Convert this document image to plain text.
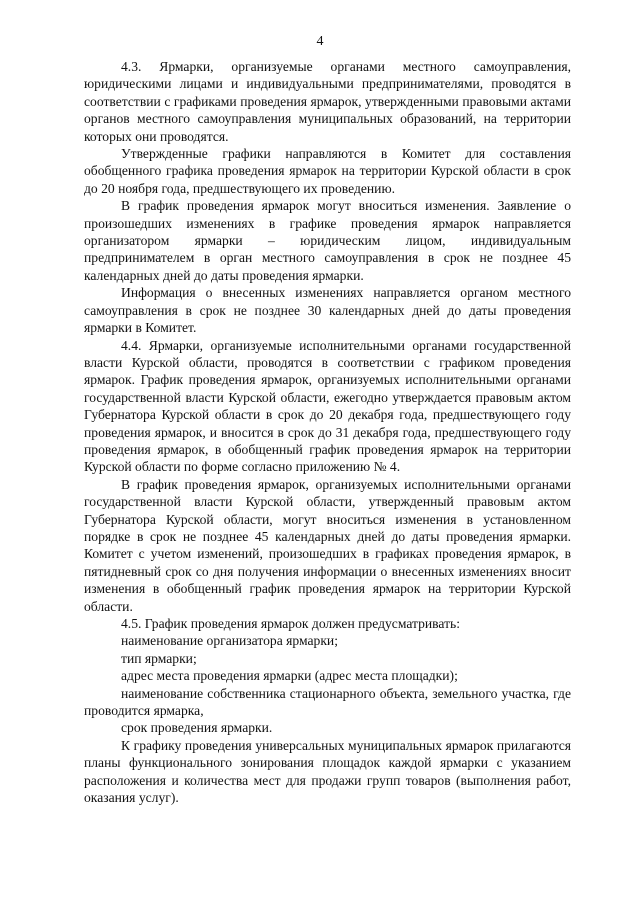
4

4.3. Ярмарки, организуемые органами местного самоуправления, юридическими лицами и индивидуальными предпринимателями, проводятся в соответствии с графиками проведения ярмарок, утвержденными правовыми актами органов местного самоуправления муниципальных образований, на территории которых они проводятся.

Утвержденные графики направляются в Комитет для составления обобщенного графика проведения ярмарок на территории Курской области в срок до 20 ноября года, предшествующего их проведению.

В график проведения ярмарок могут вноситься изменения. Заявление о произошедших изменениях в графике проведения ярмарок направляется организатором ярмарки – юридическим лицом, индивидуальным предпринимателем в орган местного самоуправления в срок не позднее 45 календарных дней до даты проведения ярмарки.

Информация о внесенных изменениях направляется органом местного самоуправления в срок не позднее 30 календарных дней до даты проведения ярмарки в Комитет.

4.4. Ярмарки, организуемые исполнительными органами государственной власти Курской области, проводятся в соответствии с графиком проведения ярмарок. График проведения ярмарок, организуемых исполнительными органами государственной власти Курской области, ежегодно утверждается правовым актом Губернатора Курской области в срок до 20 декабря года, предшествующего году проведения ярмарок, и вносится в срок до 31 декабря года, предшествующего году проведения ярмарок, в обобщенный график проведения ярмарок на территории Курской области по форме согласно приложению № 4.

В график проведения ярмарок, организуемых исполнительными органами государственной власти Курской области, утвержденный правовым актом Губернатора Курской области, могут вноситься изменения в установленном порядке в срок не позднее 45 календарных дней до даты проведения ярмарки. Комитет с учетом изменений, произошедших в графиках проведения ярмарок, в пятидневный срок со дня получения информации о внесенных изменениях вносит изменения в обобщенный график проведения ярмарок на территории Курской области.

4.5. График проведения ярмарок должен предусматривать:

наименование организатора ярмарки;

тип ярмарки;

адрес места проведения ярмарки (адрес места площадки);

наименование собственника стационарного объекта, земельного участка, где проводится ярмарка,

срок проведения ярмарки.

К графику проведения универсальных муниципальных ярмарок прилагаются планы функционального зонирования площадок каждой ярмарки с указанием расположения и количества мест для продажи групп товаров (выполнения работ, оказания услуг).
